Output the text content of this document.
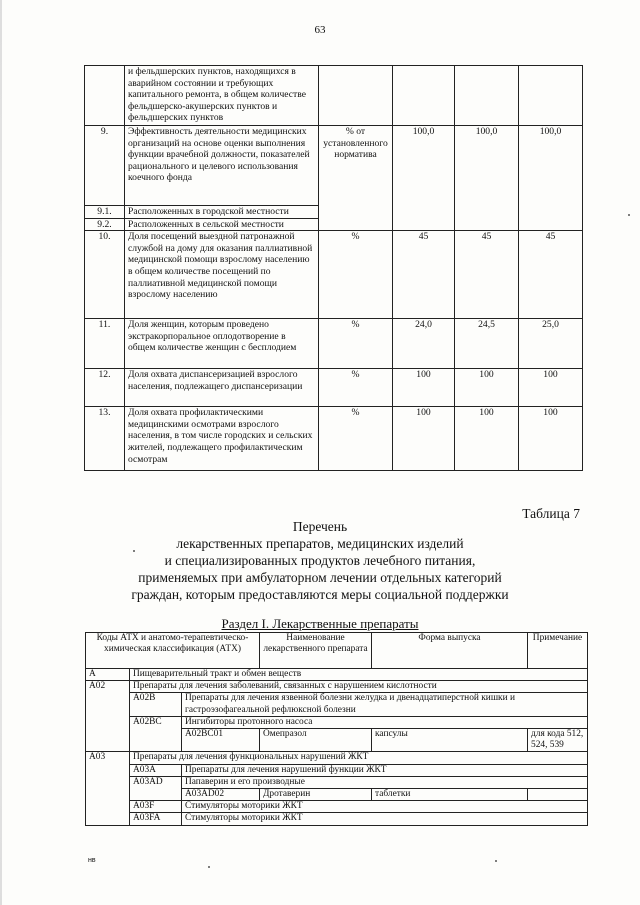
63
	и фельдшерских пунктов, находящихся в аварийном состоянии и требующих капитального ремонта, в общем количестве фельдшерско-акушерских пунктов и фельдшерских пунктов				
9.	Эффективность деятельности медицинских организаций на основе оценки выполнения функции врачебной должности, показателей рационального и целевого использования коечного фонда	% от установленного норматива	100,0	100,0	100,0
9.1.	Расположенных в городской местности				
9.2.	Расположенных в сельской местности				
10.	Доля посещений выездной патронажной службой на дому для оказания паллиативной медицинской помощи взрослому населению в общем количестве посещений по паллиативной медицинской помощи взрослому населению	%	45	45	45
11.	Доля женщин, которым проведено экстракорпоральное оплодотворение в общем количестве женщин с бесплодием	%	24,0	24,5	25,0
12.	Доля охвата диспансеризацией взрослого населения, подлежащего диспансеризации	%	100	100	100
13.	Доля охвата профилактическими медицинскими осмотрами взрослого населения, в том числе городских и сельских жителей, подлежащего профилактическим осмотрам	%	100	100	100
Таблица 7
Перечень
лекарственных препаратов, медицинских изделий
и специализированных продуктов лечебного питания,
применяемых при амбулаторном лечении отдельных категорий
граждан, которым предоставляются меры социальной поддержки
Раздел I. Лекарственные препараты
Коды АТХ и анатомо-терапевтическо-химическая классификация (АТХ)			Наименование лекарственного препарата	Форма выпуска	Примечание
A	Пищеварительный тракт и обмен веществ				
A02	Препараты для лечения заболеваний, связанных с нарушением кислотности				
	A02B	Препараты для лечения язвенной болезни желудка и двенадцатиперстной кишки и гастроэзофагеальной рефлюксной болезни			
	A02BC	Ингибиторы протонного насоса			
		A02BC01	Омепразол	капсулы	для кода 512, 524, 539
A03	Препараты для лечения функциональных нарушений ЖКТ				
	A03A	Препараты для лечения нарушений функции ЖКТ			
	A03AD	Папаверин и его производные			
		A03AD02	Дротаверин	таблетки	
	A03F	Стимуляторы моторики ЖКТ			
	A03FA	Стимуляторы моторики ЖКТ			
нв
